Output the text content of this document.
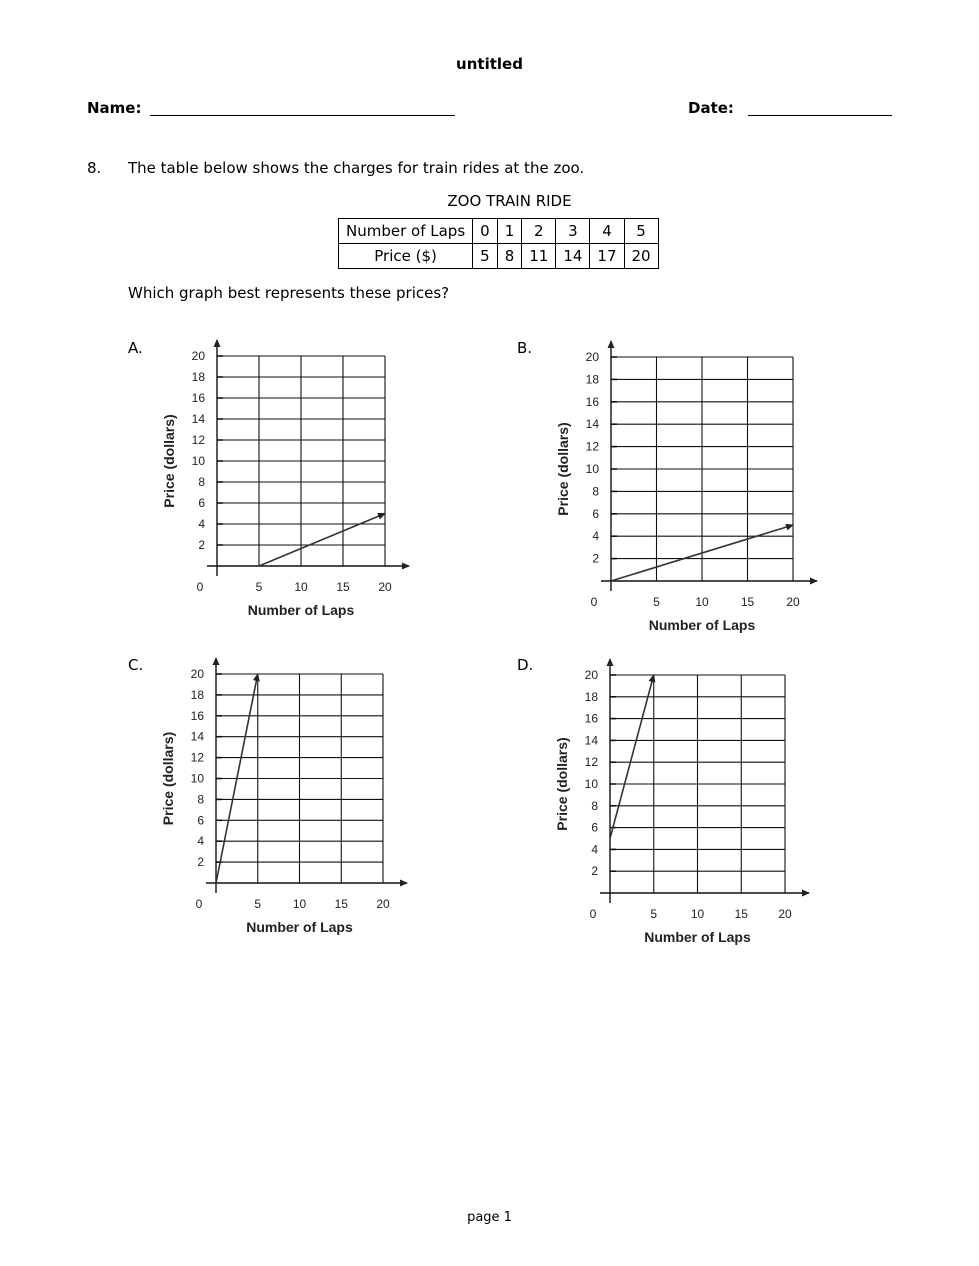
untitled
Name:	Date:
8. The table below shows the charges for train rides at the zoo.
ZOO TRAIN RIDE
Number of Laps	0	1	2	3	4	5
Price ($)	5	8	11	14	17	20
Which graph best represents these prices?
A.	B.
C.	D.
2
4
6
8
10
12
14
16
18
20
0	5	10 15 20
Number of Laps
Price (dollars)
2
4
6
8
10
12
14
16
18
20
0	5	10	15	20
Number of Laps
Price (dollars)
2
4
6
8
10
12
14
16
18
20
0	5	10 15 20
Number of Laps
Price (dollars)
2
4
6
8
10
12
14
16
18
20
0	5	10	15	20
Number of Laps
Price (dollars)
page 1
